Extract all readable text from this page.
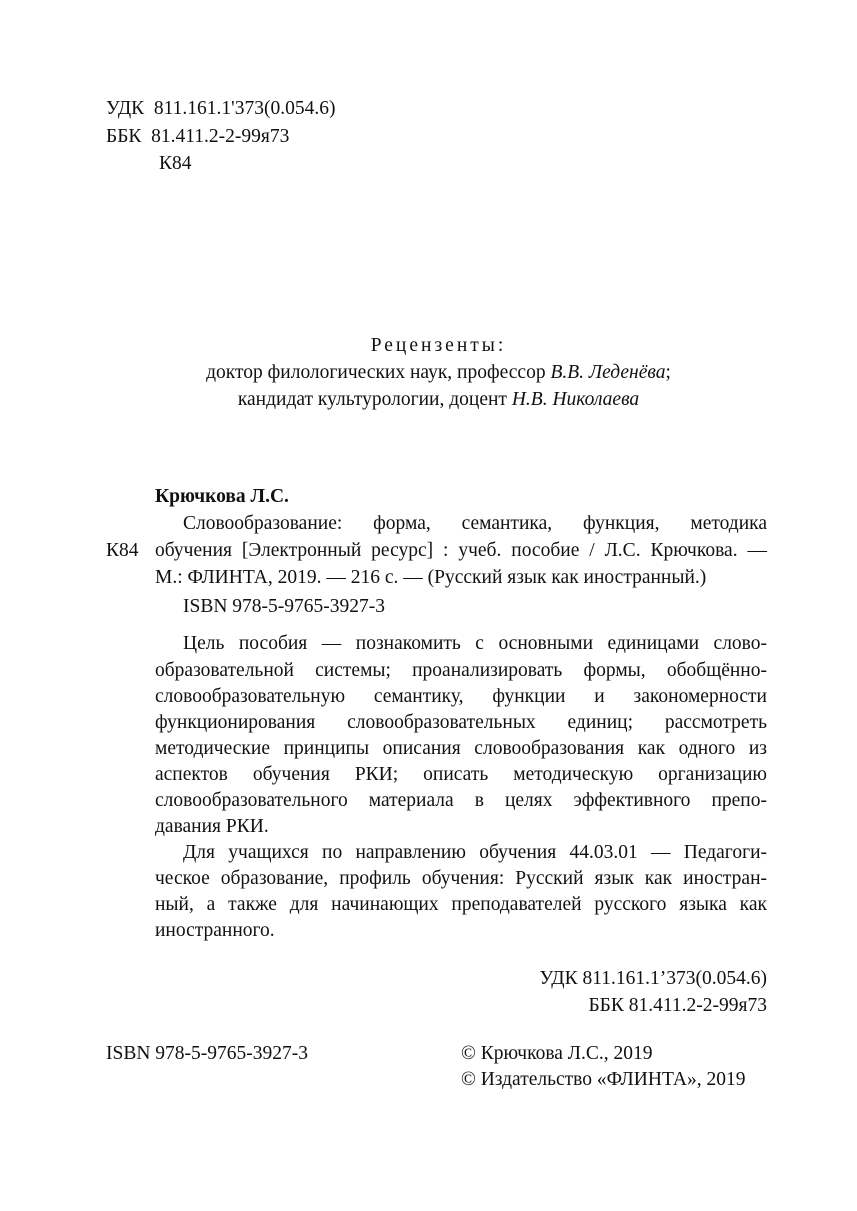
УДК 811.161.1'373(0.054.6)
ББК 81.411.2-2-99я73
К84
Рецензенты:
доктор филологических наук, профессор В.В. Леденёва;
кандидат культурологии, доцент Н.В. Николаева
Крючкова Л.С.
К84
Словообразование: форма, семантика, функция, методика
обучения [Электронный ресурс] : учеб. пособие / Л.С. Крючкова. —
М.: ФЛИНТА, 2019. — 216 с. — (Русский язык как иностранный.)
ISBN 978-5-9765-3927-3
Цель пособия — познакомить с основными единицами слово-
образовательной системы; проанализировать формы, обобщённо-
словообразовательную семантику, функции и закономерности
функционирования словообразовательных единиц; рассмотреть
методические принципы описания словообразования как одного из
аспектов обучения РКИ; описать методическую организацию
словообразовательного материала в целях эффективного препо-
давания РКИ.
Для учащихся по направлению обучения 44.03.01 — Педагоги-
ческое образование, профиль обучения: Русский язык как иностран-
ный, а также для начинающих преподавателей русского языка как
иностранного.
УДК 811.161.1’373(0.054.6)
ББК 81.411.2-2-99я73
ISBN 978-5-9765-3927-3	© Крючкова Л.С., 2019
© Издательство «ФЛИНТА», 2019
